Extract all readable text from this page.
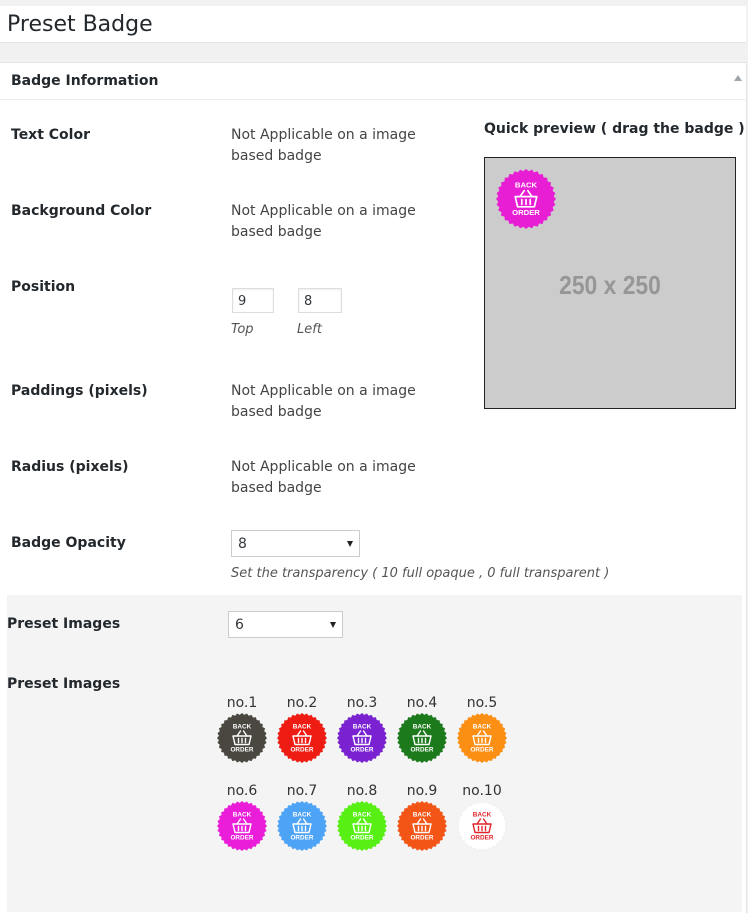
Preset Badge
Badge Information
Text Color	Not Applicable on a image based badge
Background Color	Not Applicable on a image based badge
Position
9	8
Top	Left
Paddings (pixels)	Not Applicable on a image based badge
Radius (pixels)	Not Applicable on a image based badge
Badge Opacity	8
Set the transparency ( 10 full opaque , 0 full transparent )
Quick preview ( drag the badge )
250 x 250
BACK
ORDER
Preset Images	6
Preset Images
no.1
BACK
ORDER
no.2
BACK
ORDER
no.3
BACK
ORDER
no.4
BACK
ORDER
no.5
BACK
ORDER
no.6
BACK
ORDER
no.7
BACK
ORDER
no.8
BACK
ORDER
no.9
BACK
ORDER
no.10
BACK
ORDER
